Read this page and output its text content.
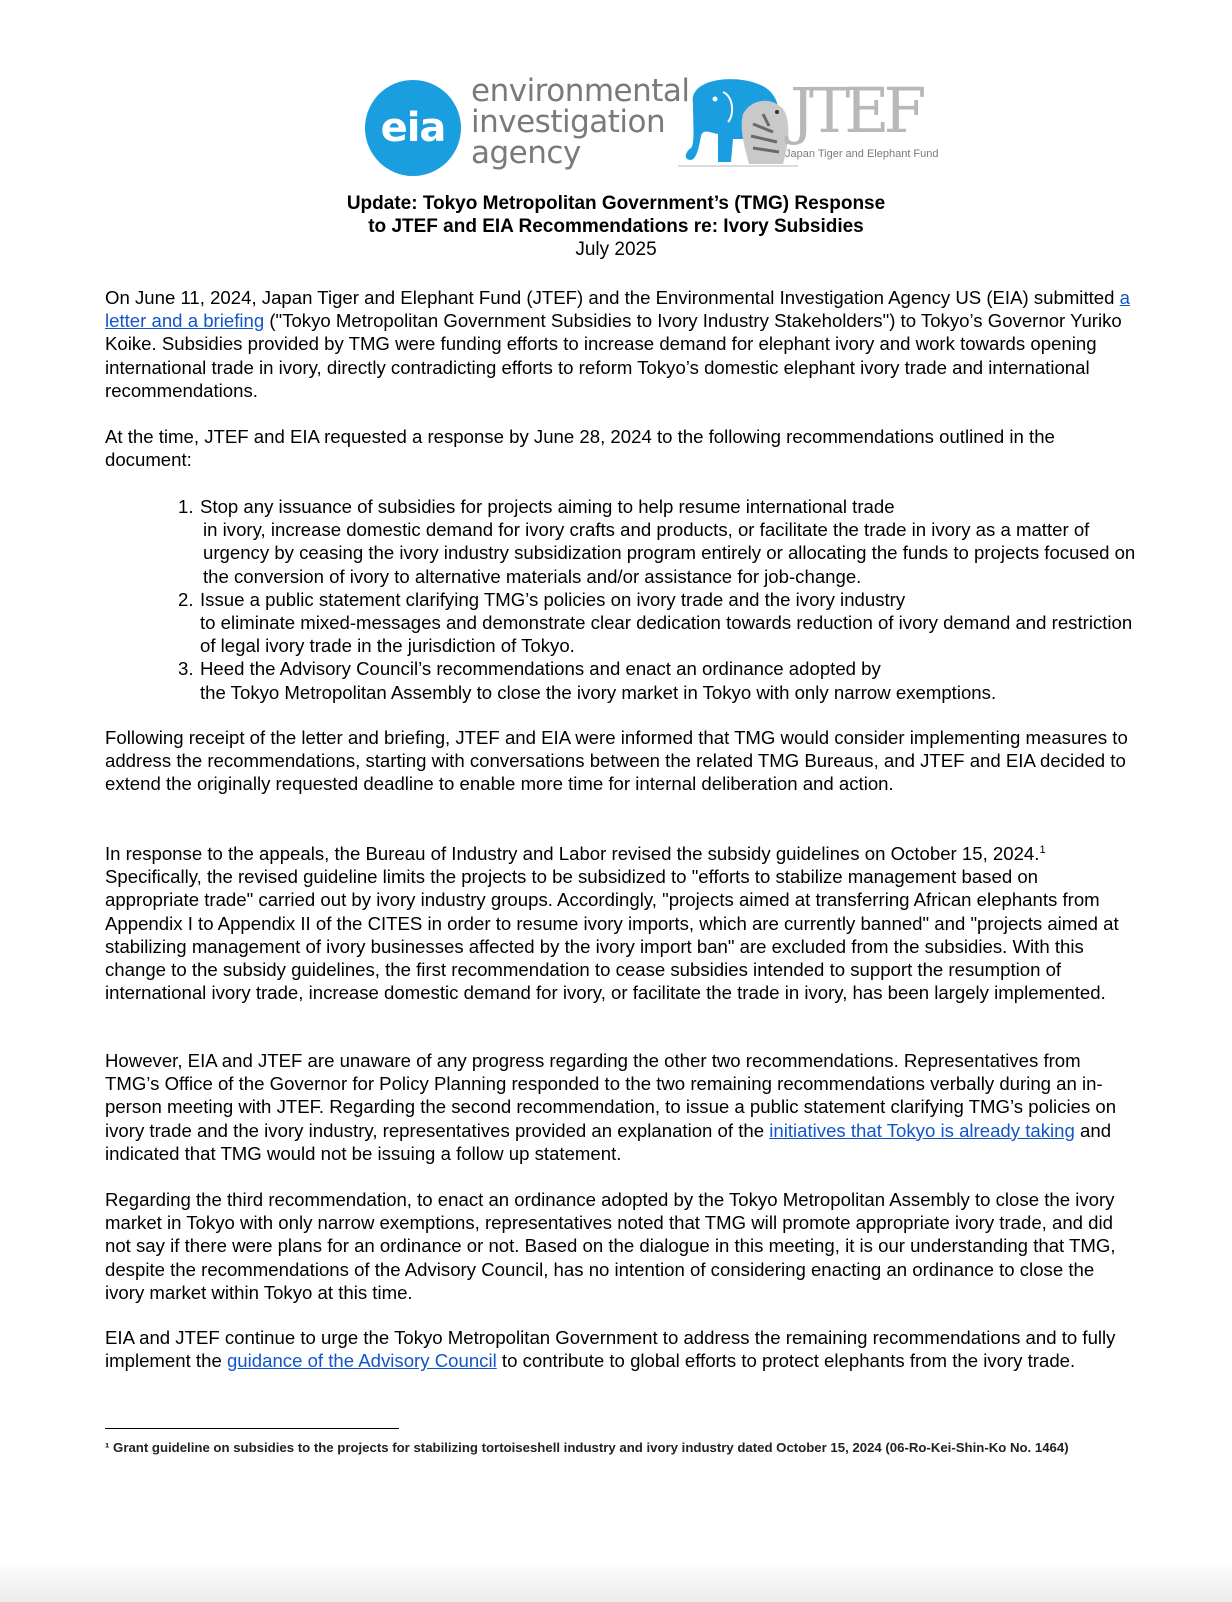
eia
environmental
investigation
agency
JTEF
Japan Tiger and Elephant Fund
Update: Tokyo Metropolitan Government’s (TMG) Response
to JTEF and EIA Recommendations re: Ivory Subsidies
July 2025

On June 11, 2024, Japan Tiger and Elephant Fund (JTEF) and the Environmental Investigation Agency US (EIA) submitted a letter and a briefing ("Tokyo Metropolitan Government Subsidies to Ivory Industry Stakeholders") to Tokyo’s Governor Yuriko Koike. Subsidies provided by TMG were funding efforts to increase demand for elephant ivory and work towards opening international trade in ivory, directly contradicting efforts to reform Tokyo’s domestic elephant ivory trade and international recommendations.

At the time, JTEF and EIA requested a response by June 28, 2024 to the following recommendations outlined in the document:

1. Stop any issuance of subsidies for projects aiming to help resume international trade
in ivory, increase domestic demand for ivory crafts and products, or facilitate the trade in ivory as a matter of urgency by ceasing the ivory industry subsidization program entirely or allocating the funds to projects focused on the conversion of ivory to alternative materials and/or assistance for job-change.
2. Issue a public statement clarifying TMG’s policies on ivory trade and the ivory industry
to eliminate mixed-messages and demonstrate clear dedication towards reduction of ivory demand and restriction of legal ivory trade in the jurisdiction of Tokyo.
3. Heed the Advisory Council’s recommendations and enact an ordinance adopted by
the Tokyo Metropolitan Assembly to close the ivory market in Tokyo with only narrow exemptions.

Following receipt of the letter and briefing, JTEF and EIA were informed that TMG would consider implementing measures to address the recommendations, starting with conversations between the related TMG Bureaus, and JTEF and EIA decided to extend the originally requested deadline to enable more time for internal deliberation and action.

In response to the appeals, the Bureau of Industry and Labor revised the subsidy guidelines on October 15, 2024.$^1$ Specifically, the revised guideline limits the projects to be subsidized to "efforts to stabilize management based on appropriate trade" carried out by ivory industry groups. Accordingly, "projects aimed at transferring African elephants from Appendix I to Appendix II of the CITES in order to resume ivory imports, which are currently banned" and "projects aimed at stabilizing management of ivory businesses affected by the ivory import ban" are excluded from the subsidies. With this change to the subsidy guidelines, the first recommendation to cease subsidies intended to support the resumption of international ivory trade, increase domestic demand for ivory, or facilitate the trade in ivory, has been largely implemented.

However, EIA and JTEF are unaware of any progress regarding the other two recommendations. Representatives from TMG’s Office of the Governor for Policy Planning responded to the two remaining recommendations verbally during an in-person meeting with JTEF. Regarding the second recommendation, to issue a public statement clarifying TMG’s policies on ivory trade and the ivory industry, representatives provided an explanation of the initiatives that Tokyo is already taking and indicated that TMG would not be issuing a follow up statement.

Regarding the third recommendation, to enact an ordinance adopted by the Tokyo Metropolitan Assembly to close the ivory market in Tokyo with only narrow exemptions, representatives noted that TMG will promote appropriate ivory trade, and did not say if there were plans for an ordinance or not. Based on the dialogue in this meeting, it is our understanding that TMG, despite the recommendations of the Advisory Council, has no intention of considering enacting an ordinance to close the ivory market within Tokyo at this time.

EIA and JTEF continue to urge the Tokyo Metropolitan Government to address the remaining recommendations and to fully implement the guidance of the Advisory Council to contribute to global efforts to protect elephants from the ivory trade.

¹ Grant guideline on subsidies to the projects for stabilizing tortoiseshell industry and ivory industry dated October 15, 2024 (06-Ro-Kei-Shin-Ko No. 1464)
